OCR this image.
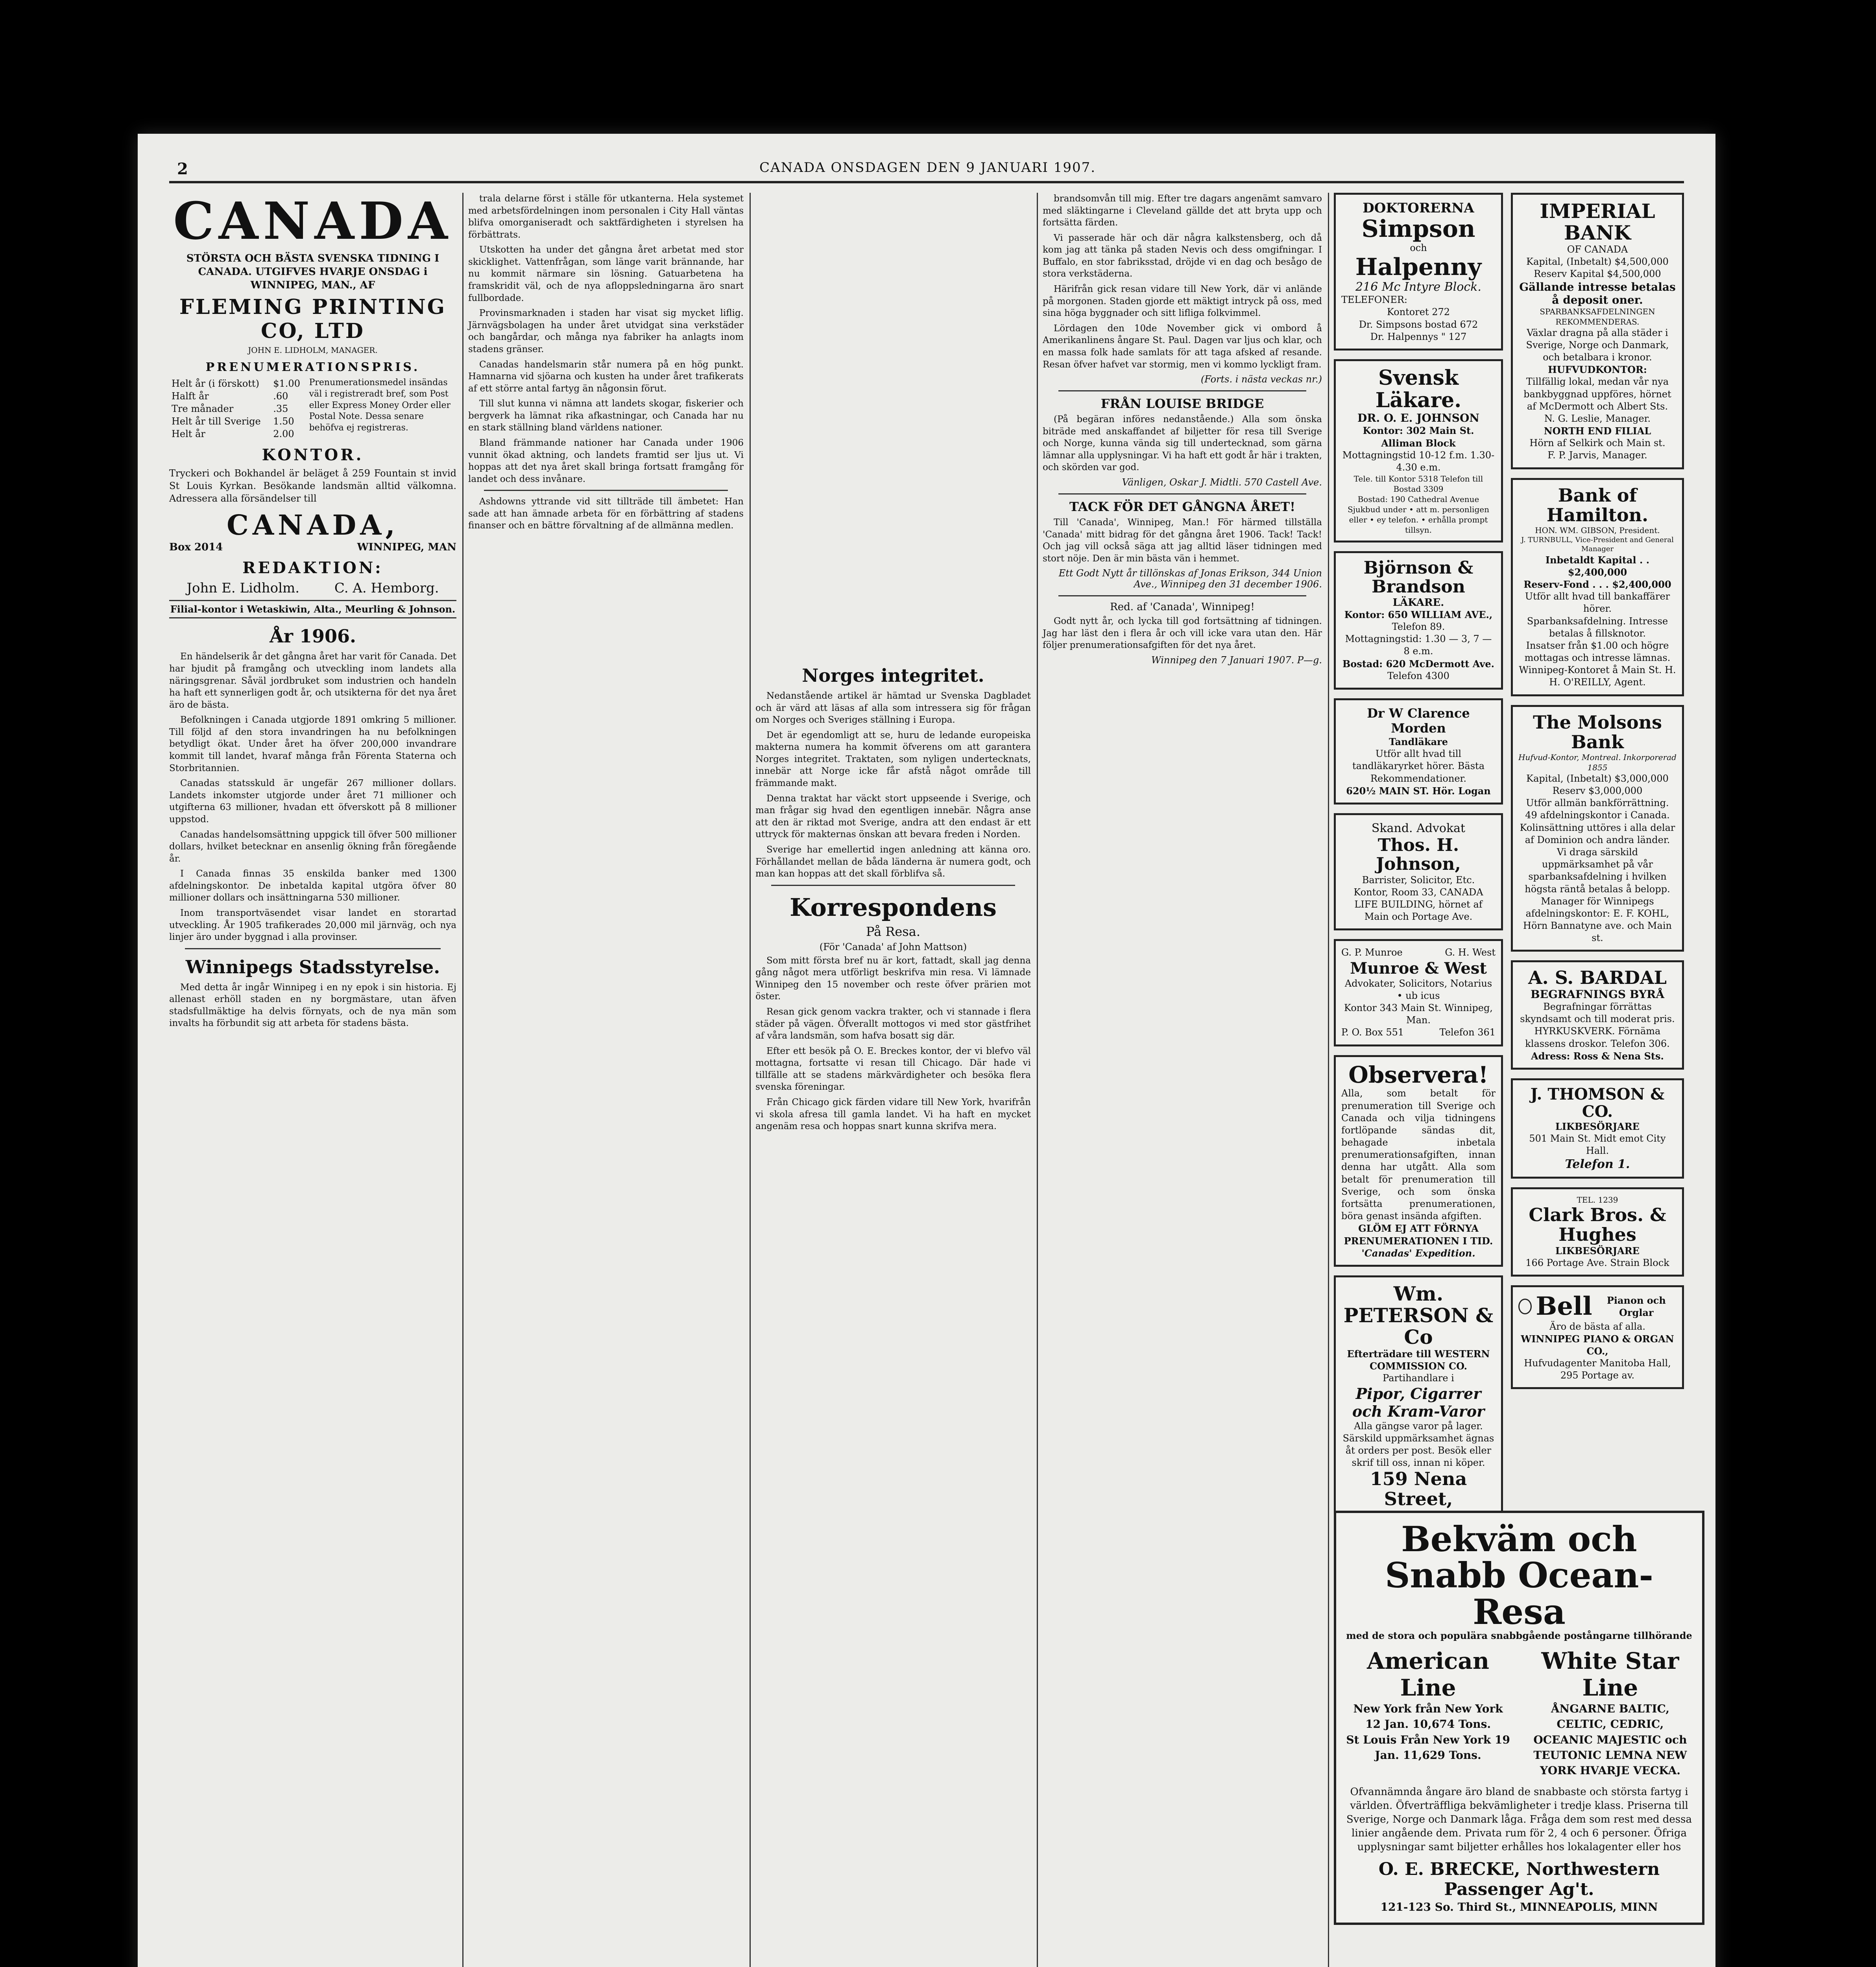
2	CANADA ONSDAGEN DEN 9 JANUARI 1907.
CANADA

STÖRSTA OCH BÄSTA SVENSKA TIDNING I CANADA. UTGIFVES HVARJE ONSDAG i WINNIPEG, MAN., AF

FLEMING PRINTING CO, LTD

JOHN E. LIDHOLM, MANAGER.

PRENUMERATIONSPRIS.

Helt år (i förskott)	$1.00
Halft år	.60
Tre månader	.35
Helt år till Sverige	1.50
Helt år	2.00

Prenumerationsmedel insändas väl i registreradt bref, som Post eller Express Money Order eller Postal Note. Dessa senare behöfva ej registreras.

KONTOR.

Tryckeri och Bokhandel är beläget å 259 Fountain st invid St Louis Kyrkan. Besökande landsmän alltid välkomna. Adressera alla försändelser till

CANADA,

Box 2014	WINNIPEG, MAN

REDAKTION:

John E. Lidholm.	C. A. Hemborg.

Filial-kontor i Wetaskiwin, Alta., Meurling & Johnson.

År 1906.

En händelserik år det gångna året har varit för Canada. Det har bjudit på framgång och utveckling inom landets alla näringsgrenar. Såväl jordbruket som industrien och handeln ha haft ett synnerligen godt år, och utsikterna för det nya året äro de bästa.

Befolkningen i Canada utgjorde 1891 omkring 5 millioner. Till följd af den stora invandringen ha nu befolkningen betydligt ökat. Under året ha öfver 200,000 invandrare kommit till landet, hvaraf många från Förenta Staterna och Storbritannien.

Canadas statsskuld är ungefär 267 millioner dollars. Landets inkomster utgjorde under året 71 millioner och utgifterna 63 millioner, hvadan ett öfverskott på 8 millioner uppstod.

Canadas handelsomsättning uppgick till öfver 500 millioner dollars, hvilket betecknar en ansenlig ökning från föregående år.

I Canada finnas 35 enskilda banker med 1300 afdelningskontor. De inbetalda kapital utgöra öfver 80 millioner dollars och insättningarna 530 millioner.

Inom transportväsendet visar landet en storartad utveckling. År 1905 trafikerades 20,000 mil järnväg, och nya linjer äro under byggnad i alla provinser.

Winnipegs Stadsstyrelse.

Med detta år ingår Winnipeg i en ny epok i sin historia. Ej allenast erhöll staden en ny borgmästare, utan äfven stadsfullmäktige ha delvis förnyats, och de nya män som invalts ha förbundit sig att arbeta för stadens bästa.

trala delarne först i ställe för utkanterna. Hela systemet med arbetsfördelningen inom personalen i City Hall väntas blifva omorganiseradt och saktfärdigheten i styrelsen ha förbättrats.

Utskotten ha under det gångna året arbetat med stor skicklighet. Vattenfrågan, som länge varit brännande, har nu kommit närmare sin lösning. Gatuarbetena ha framskridit väl, och de nya afloppsledningarna äro snart fullbordade.

Provinsmarknaden i staden har visat sig mycket liflig. Järnvägsbolagen ha under året utvidgat sina verkstäder och bangårdar, och många nya fabriker ha anlagts inom stadens gränser.

Canadas handelsmarin står numera på en hög punkt. Hamnarna vid sjöarna och kusten ha under året trafikerats af ett större antal fartyg än någonsin förut.

Till slut kunna vi nämna att landets skogar, fiskerier och bergverk ha lämnat rika afkastningar, och Canada har nu en stark ställning bland världens nationer.

Bland främmande nationer har Canada under 1906 vunnit ökad aktning, och landets framtid ser ljus ut. Vi hoppas att det nya året skall bringa fortsatt framgång för landet och dess invånare.

Ashdowns yttrande vid sitt tillträde till ämbetet: Han sade att han ämnade arbeta för en förbättring af stadens finanser och en bättre förvaltning af de allmänna medlen.

Norges integritet.

Nedanstående artikel är hämtad ur Svenska Dagbladet och är värd att läsas af alla som intressera sig för frågan om Norges och Sveriges ställning i Europa.

Det är egendomligt att se, huru de ledande europeiska makterna numera ha kommit öfverens om att garantera Norges integritet. Traktaten, som nyligen undertecknats, innebär att Norge icke får afstå något område till främmande makt.

Denna traktat har väckt stort uppseende i Sverige, och man frågar sig hvad den egentligen innebär. Några anse att den är riktad mot Sverige, andra att den endast är ett uttryck för makternas önskan att bevara freden i Norden.

Sverige har emellertid ingen anledning att känna oro. Förhållandet mellan de båda länderna är numera godt, och man kan hoppas att det skall förblifva så.

Korrespondens

På Resa.

(För 'Canada' af John Mattson)

Som mitt första bref nu är kort, fattadt, skall jag denna gång något mera utförligt beskrifva min resa. Vi lämnade Winnipeg den 15 november och reste öfver prärien mot öster.

Resan gick genom vackra trakter, och vi stannade i flera städer på vägen. Öfverallt mottogos vi med stor gästfrihet af våra landsmän, som hafva bosatt sig där.

Efter ett besök på O. E. Breckes kontor, der vi blefvo väl mottagna, fortsatte vi resan till Chicago. Där hade vi tillfälle att se stadens märkvärdigheter och besöka flera svenska föreningar.

Från Chicago gick färden vidare till New York, hvarifrån vi skola afresa till gamla landet. Vi ha haft en mycket angenäm resa och hoppas snart kunna skrifva mera.

brandsomvån till mig. Efter tre dagars angenämt samvaro med släktingarne i Cleveland gällde det att bryta upp och fortsätta färden.

Vi passerade här och där några kalkstensberg, och då kom jag att tänka på staden Nevis och dess omgifningar. I Buffalo, en stor fabriksstad, dröjde vi en dag och besågo de stora verkstäderna.

Härifrån gick resan vidare till New York, där vi anlände på morgonen. Staden gjorde ett mäktigt intryck på oss, med sina höga byggnader och sitt lifliga folkvimmel.

Lördagen den 10de November gick vi ombord å Amerikanlinens ångare St. Paul. Dagen var ljus och klar, och en massa folk hade samlats för att taga afsked af resande. Resan öfver hafvet var stormig, men vi kommo lyckligt fram.

(Forts. i nästa veckas nr.)

FRÅN LOUISE BRIDGE

(På begäran införes nedanstående.) Alla som önska biträde med anskaffandet af biljetter för resa till Sverige och Norge, kunna vända sig till undertecknad, som gärna lämnar alla upplysningar. Vi ha haft ett godt år här i trakten, och skörden var god.

Vänligen, Oskar J. Midtli. 570 Castell Ave.

TACK FÖR DET GÅNGNA ÅRET!

Till 'Canada', Winnipeg, Man.! För härmed tillställa 'Canada' mitt bidrag för det gångna året 1906. Tack! Tack! Och jag vill också säga att jag alltid läser tidningen med stort nöje. Den är min bästa vän i hemmet.

Ett Godt Nytt år tillönskas af Jonas Erikson, 344 Union Ave., Winnipeg den 31 december 1906.

Red. af 'Canada', Winnipeg!

Godt nytt år, och lycka till god fortsättning af tidningen. Jag har läst den i flera år och vill icke vara utan den. Här följer prenumerationsafgiften för det nya året.

Winnipeg den 7 Januari 1907. P—g.

DOKTORERNA
Simpson
och
Halpenny
216 Mc Intyre Block.
TELEFONER:
Kontoret 272
Dr. Simpsons bostad 672
Dr. Halpennys " 127
Svensk Läkare.
DR. O. E. JOHNSON
Kontor: 302 Main St. Alliman Block
Mottagningstid 10-12 f.m. 1.30-4.30 e.m.
Tele. till Kontor 5318 Telefon till Bostad 3309
Bostad: 190 Cathedral Avenue
Sjukbud under • att m. personligen eller • ey telefon. • erhålla prompt tillsyn.
Björnson & Brandson
LÄKARE.
Kontor: 650 WILLIAM AVE.,
Telefon 89.
Mottagningstid: 1.30 — 3, 7 — 8 e.m.
Bostad: 620 McDermott Ave.
Telefon 4300
Dr W Clarence Morden
Tandläkare
Utför allt hvad till tandläkaryrket hörer. Bästa Rekommendationer.
620½ MAIN ST. Hör. Logan
Skand. Advokat
Thos. H. Johnson,
Barrister, Solicitor, Etc.
Kontor, Room 33, CANADA LIFE BUILDING, hörnet af Main och Portage Ave.
G. P. Munroe	G. H. West
Munroe & West
Advokater, Solicitors, Notarius • ub icus
Kontor 343 Main St. Winnipeg, Man.
P. O. Box 551	Telefon 361
Observera!
Alla, som betalt för prenumeration till Sverige och Canada och vilja tidningens fortlöpande sändas dit, behagade inbetala prenumerationsafgiften, innan denna har utgått. Alla som betalt för prenumeration till Sverige, och som önska fortsätta prenumerationen, böra genast insända afgiften.
GLÖM EJ ATT FÖRNYA PRENUMERATIONEN I TID.
'Canadas' Expedition.
Wm. PETERSON & Co
Efterträdare till WESTERN COMMISSION CO.
Partihandlare i
Pipor, Cigarrer och Kram-Varor
Alla gängse varor på lager. Särskild uppmärksamhet ägnas åt orders per post. Besök eller skrif till oss, innan ni köper.
159 Nena Street,
IMPERIAL BANK
OF CANADA
Kapital, (Inbetalt) $4,500,000
Reserv Kapital $4,500,000
Gällande intresse betalas å deposit oner.
SPARBANKSAFDELNINGEN REKOMMENDERAS.
Växlar dragna på alla städer i Sverige, Norge och Danmark, och betalbara i kronor.
HUFVUDKONTOR:
Tillfällig lokal, medan vår nya bankbyggnad uppföres, hörnet af McDermott och Albert Sts.
N. G. Leslie, Manager.
NORTH END FILIAL
Hörn af Selkirk och Main st.
F. P. Jarvis, Manager.
Bank of Hamilton.
HON. WM. GIBSON, President.
J. TURNBULL, Vice-President and General Manager
Inbetaldt Kapital . . $2,400,000
Reserv-Fond . . . $2,400,000
Utför allt hvad till bankaffärer hörer.
Sparbanksafdelning. Intresse betalas å fillsknotor.
Insatser från $1.00 och högre mottagas och intresse lämnas.
Winnipeg-Kontoret å Main St. H. H. O'REILLY, Agent.
The Molsons Bank
Hufvud-Kontor, Montreal. Inkorporerad 1855
Kapital, (Inbetalt) $3,000,000
Reserv $3,000,000
Utför allmän bankförrättning.
49 afdelningskontor i Canada.
Kolinsättning uttöres i alla delar af Dominion och andra länder.
Vi draga särskild uppmärksamhet på vår sparbanksafdelning i hvilken högsta räntå betalas å belopp.
Manager för Winnipegs afdelningskontor: E. F. KOHL, Hörn Bannatyne ave. och Main st.
A. S. BARDAL
BEGRAFNINGS BYRÅ
Begrafningar förrättas skyndsamt och till moderat pris. HYRKUSKVERK. Förnäma klassens droskor. Telefon 306.
Adress: Ross & Nena Sts.
J. THOMSON & CO.
LIKBESÖRJARE
501 Main St. Midt emot City Hall.
Telefon 1.
TEL. 1239
Clark Bros. & Hughes
LIKBESÖRJARE
166 Portage Ave. Strain Block
Bell	Pianon och Orglar
Äro de bästa af alla.
WINNIPEG PIANO & ORGAN CO.,
Hufvudagenter Manitoba Hall, 295 Portage av.
Bekväm och Snabb Ocean-Resa
med de stora och populära snabbgående postångarne tillhörande
American Line
New York från New York 12 Jan. 10,674 Tons.
St Louis Från New York 19 Jan. 11,629 Tons.
White Star Line
ÅNGARNE BALTIC, CELTIC, CEDRIC, OCEANIC MAJESTIC och TEUTONIC LEMNA NEW YORK HVARJE VECKA.
Ofvannämnda ångare äro bland de snabbaste och största fartyg i världen. Öfverträffliga bekvämligheter i tredje klass. Priserna till Sverige, Norge och Danmark låga. Fråga dem som rest med dessa linier angående dem. Privata rum för 2, 4 och 6 personer. Öfriga upplysningar samt biljetter erhålles hos lokalagenter eller hos
O. E. BRECKE, Northwestern Passenger Ag't.
121-123 So. Third St., MINNEAPOLIS, MINN
